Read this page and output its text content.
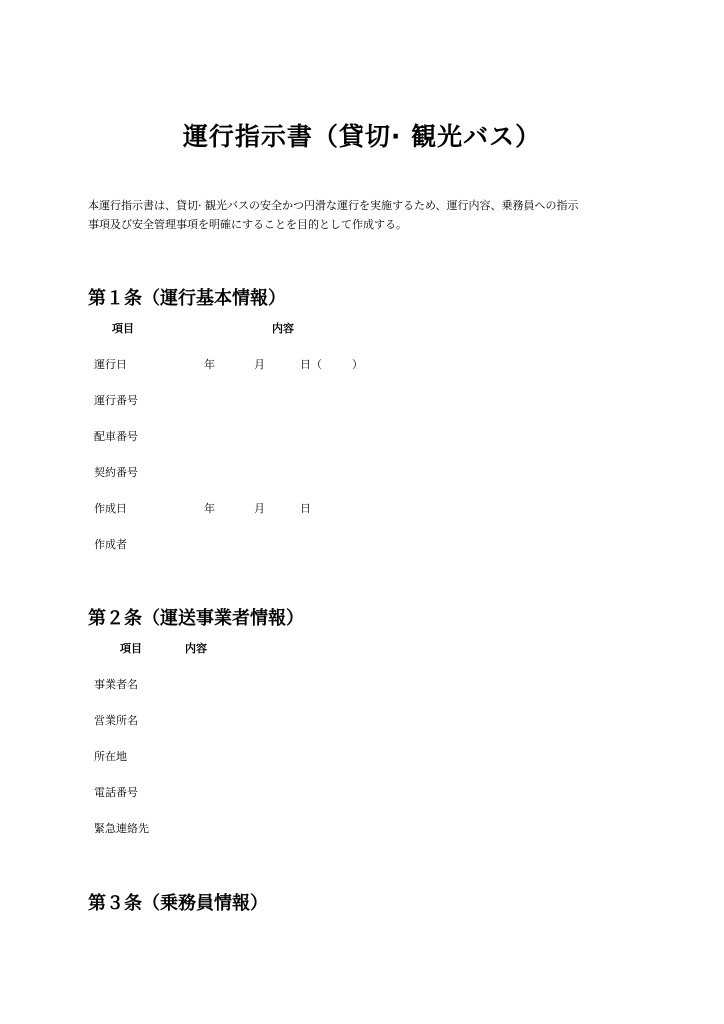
運行指示書（貸切· 観光バス）
本運行指示書は、貸切· 観光バスの安全かつ円滑な運行を実施するため、運行内容、乗務員への指示
事項及び安全管理事項を明確にすることを目的として作成する。
第１条（運行基本情報）
項目	内容
運行日	年	月	日（	）
運行番号
配車番号
契約番号
作成日	年	月	日
作成者
第２条（運送事業者情報）
項目	内容
事業者名
営業所名
所在地
電話番号
緊急連絡先
第３条（乗務員情報）
